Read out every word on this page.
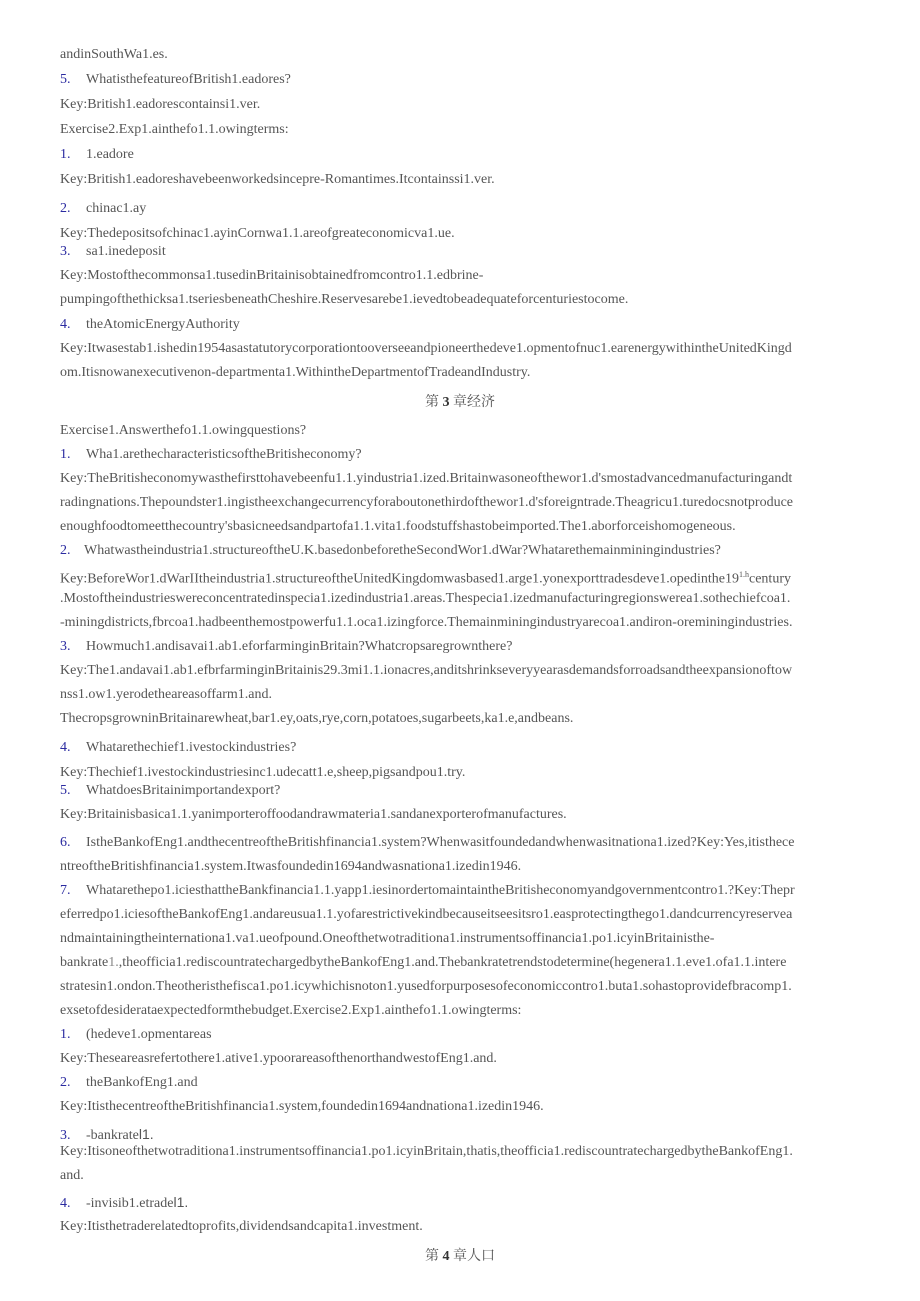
andinSouthWa1.es.

5. WhatisthefeatureofBritish1.eadores?

Key:British1.eadorescontainsi1.ver.

Exercise2.Exp1.ainthefo1.1.owingterms:

1. 1.eadore

Key:British1.eadoreshavebeenworkedsincepre-Romantimes.Itcontainssi1.ver.

2. chinac1.ay

Key:Thedepositsofchinac1.ayinCornwa1.1.areofgreateconomicva1.ue.

3. sa1.inedeposit

Key:Mostofthecommonsa1.tusedinBritainisobtainedfromcontro1.1.edbrine-

pumpingofthethicksa1.tseriesbeneathCheshire.Reservesarebe1.ievedtobeadequateforcenturiestocome.

4. theAtomicEnergyAuthority

Key:Itwasestab1.ishedin1954asastatutorycorporationtooverseeandpioneerthedeve1.opmentofnuc1.earenergywithintheUnitedKingd

om.Itisnowanexecutivenon-departmenta1.WithintheDepartmentofTradeandIndustry.

第 3 章经济

Exercise1.Answerthefo1.1.owingquestions?

1. Wha1.arethecharacteristicsoftheBritisheconomy?

Key:TheBritisheconomywasthefirsttohavebeenfu1.1.yindustria1.ized.Britainwasoneofthewor1.d'smostadvancedmanufacturingandt

radingnations.Thepoundster1.ingistheexchangecurrencyforaboutonethirdofthewor1.d'sforeigntrade.Theagricu1.turedocsnotproduce

enoughfoodtomeetthecountry'sbasicneedsandpartofa1.1.vita1.foodstuffshastobeimported.The1.aborforceishomogeneous.

2. Whatwastheindustria1.structureoftheU.K.basedonbeforetheSecondWor1.dWar?Whatarethemainminingindustries?

$Key:BeforeWor1.dWarIItheindustria1.structureoftheUnitedKingdomwasbased1.arge1.yonexporttradesdeve1.opedinthe19^{1.h}century$

.Mostoftheindustrieswereconcentratedinspecia1.izedindustria1.areas.Thespecia1.izedmanufacturingregionswerea1.sothechiefcoa1.

-miningdistricts,fbrcoa1.hadbeenthemostpowerfu1.1.oca1.izingforce.Themainminingindustryarecoa1.andiron-oreminingindustries.

3. Howmuch1.andisavai1.ab1.eforfarminginBritain?Whatcropsaregrownthere?

Key:The1.andavai1.ab1.efbrfarminginBritainis29.3mi1.1.ionacres,anditshrinkseveryyearasdemandsforroadsandtheexpansionoftow

nss1.ow1.yerodetheareasoffarm1.and.

ThecropsgrowninBritainarewheat,bar1.ey,oats,rye,corn,potatoes,sugarbeets,ka1.e,andbeans.

4. Whatarethechief1.ivestockindustries?

Key:Thechief1.ivestockindustriesinc1.udecatt1.e,sheep,pigsandpou1.try.

5. WhatdoesBritainimportandexport?

Key:Britainisbasica1.1.yanimporteroffoodandrawmateria1.sandanexporterofmanufactures.

6. IstheBankofEng1.andthecentreoftheBritishfinancia1.system?Whenwasitfoundedandwhenwasitnationa1.ized?Key:Yes,itisthece

ntreoftheBritishfinancia1.system.Itwasfoundedin1694andwasnationa1.izedin1946.

7. Whatarethepo1.iciesthattheBankfinancia1.1.yapp1.iesinordertomaintaintheBritisheconomyandgovernmentcontro1.?Key:Thepr

eferredpo1.iciesoftheBankofEng1.andareusua1.1.yofarestrictivekindbecauseitseesitsro1.easprotectingthego1.dandcurrencyreservea

ndmaintainingtheinternationa1.va1.ueofpound.Oneofthetwotraditiona1.instrumentsoffinancia1.po1.icyinBritainisthe-

bankrate1.,theofficia1.rediscountratechargedbytheBankofEng1.and.Thebankratetrendstodetermine(hegenera1.1.eve1.ofa1.1.intere

stratesin1.ondon.Theotheristhefisca1.po1.icywhichisnoton1.yusedforpurposesofeconomiccontro1.buta1.sohastoprovidefbracomp1.

exsetofdesiderataexpectedformthebudget.Exercise2.Exp1.ainthefo1.1.owingterms:

1. (hedeve1.opmentareas

Key:Theseareasrefertothere1.ative1.ypoorareasofthenorthandwestofEng1.and.

2. theBankofEng1.and

Key:ItisthecentreoftheBritishfinancia1.system,foundedin1694andnationa1.izedin1946.

3. -bankratel1.

Key:Itisoneofthetwotraditiona1.instrumentsoffinancia1.po1.icyinBritain,thatis,theofficia1.rediscountratechargedbytheBankofEng1.

and.

4. -invisib1.etradel1.

Key:Itisthetraderelatedtoprofits,dividendsandcapita1.investment.

第 4 章人口
